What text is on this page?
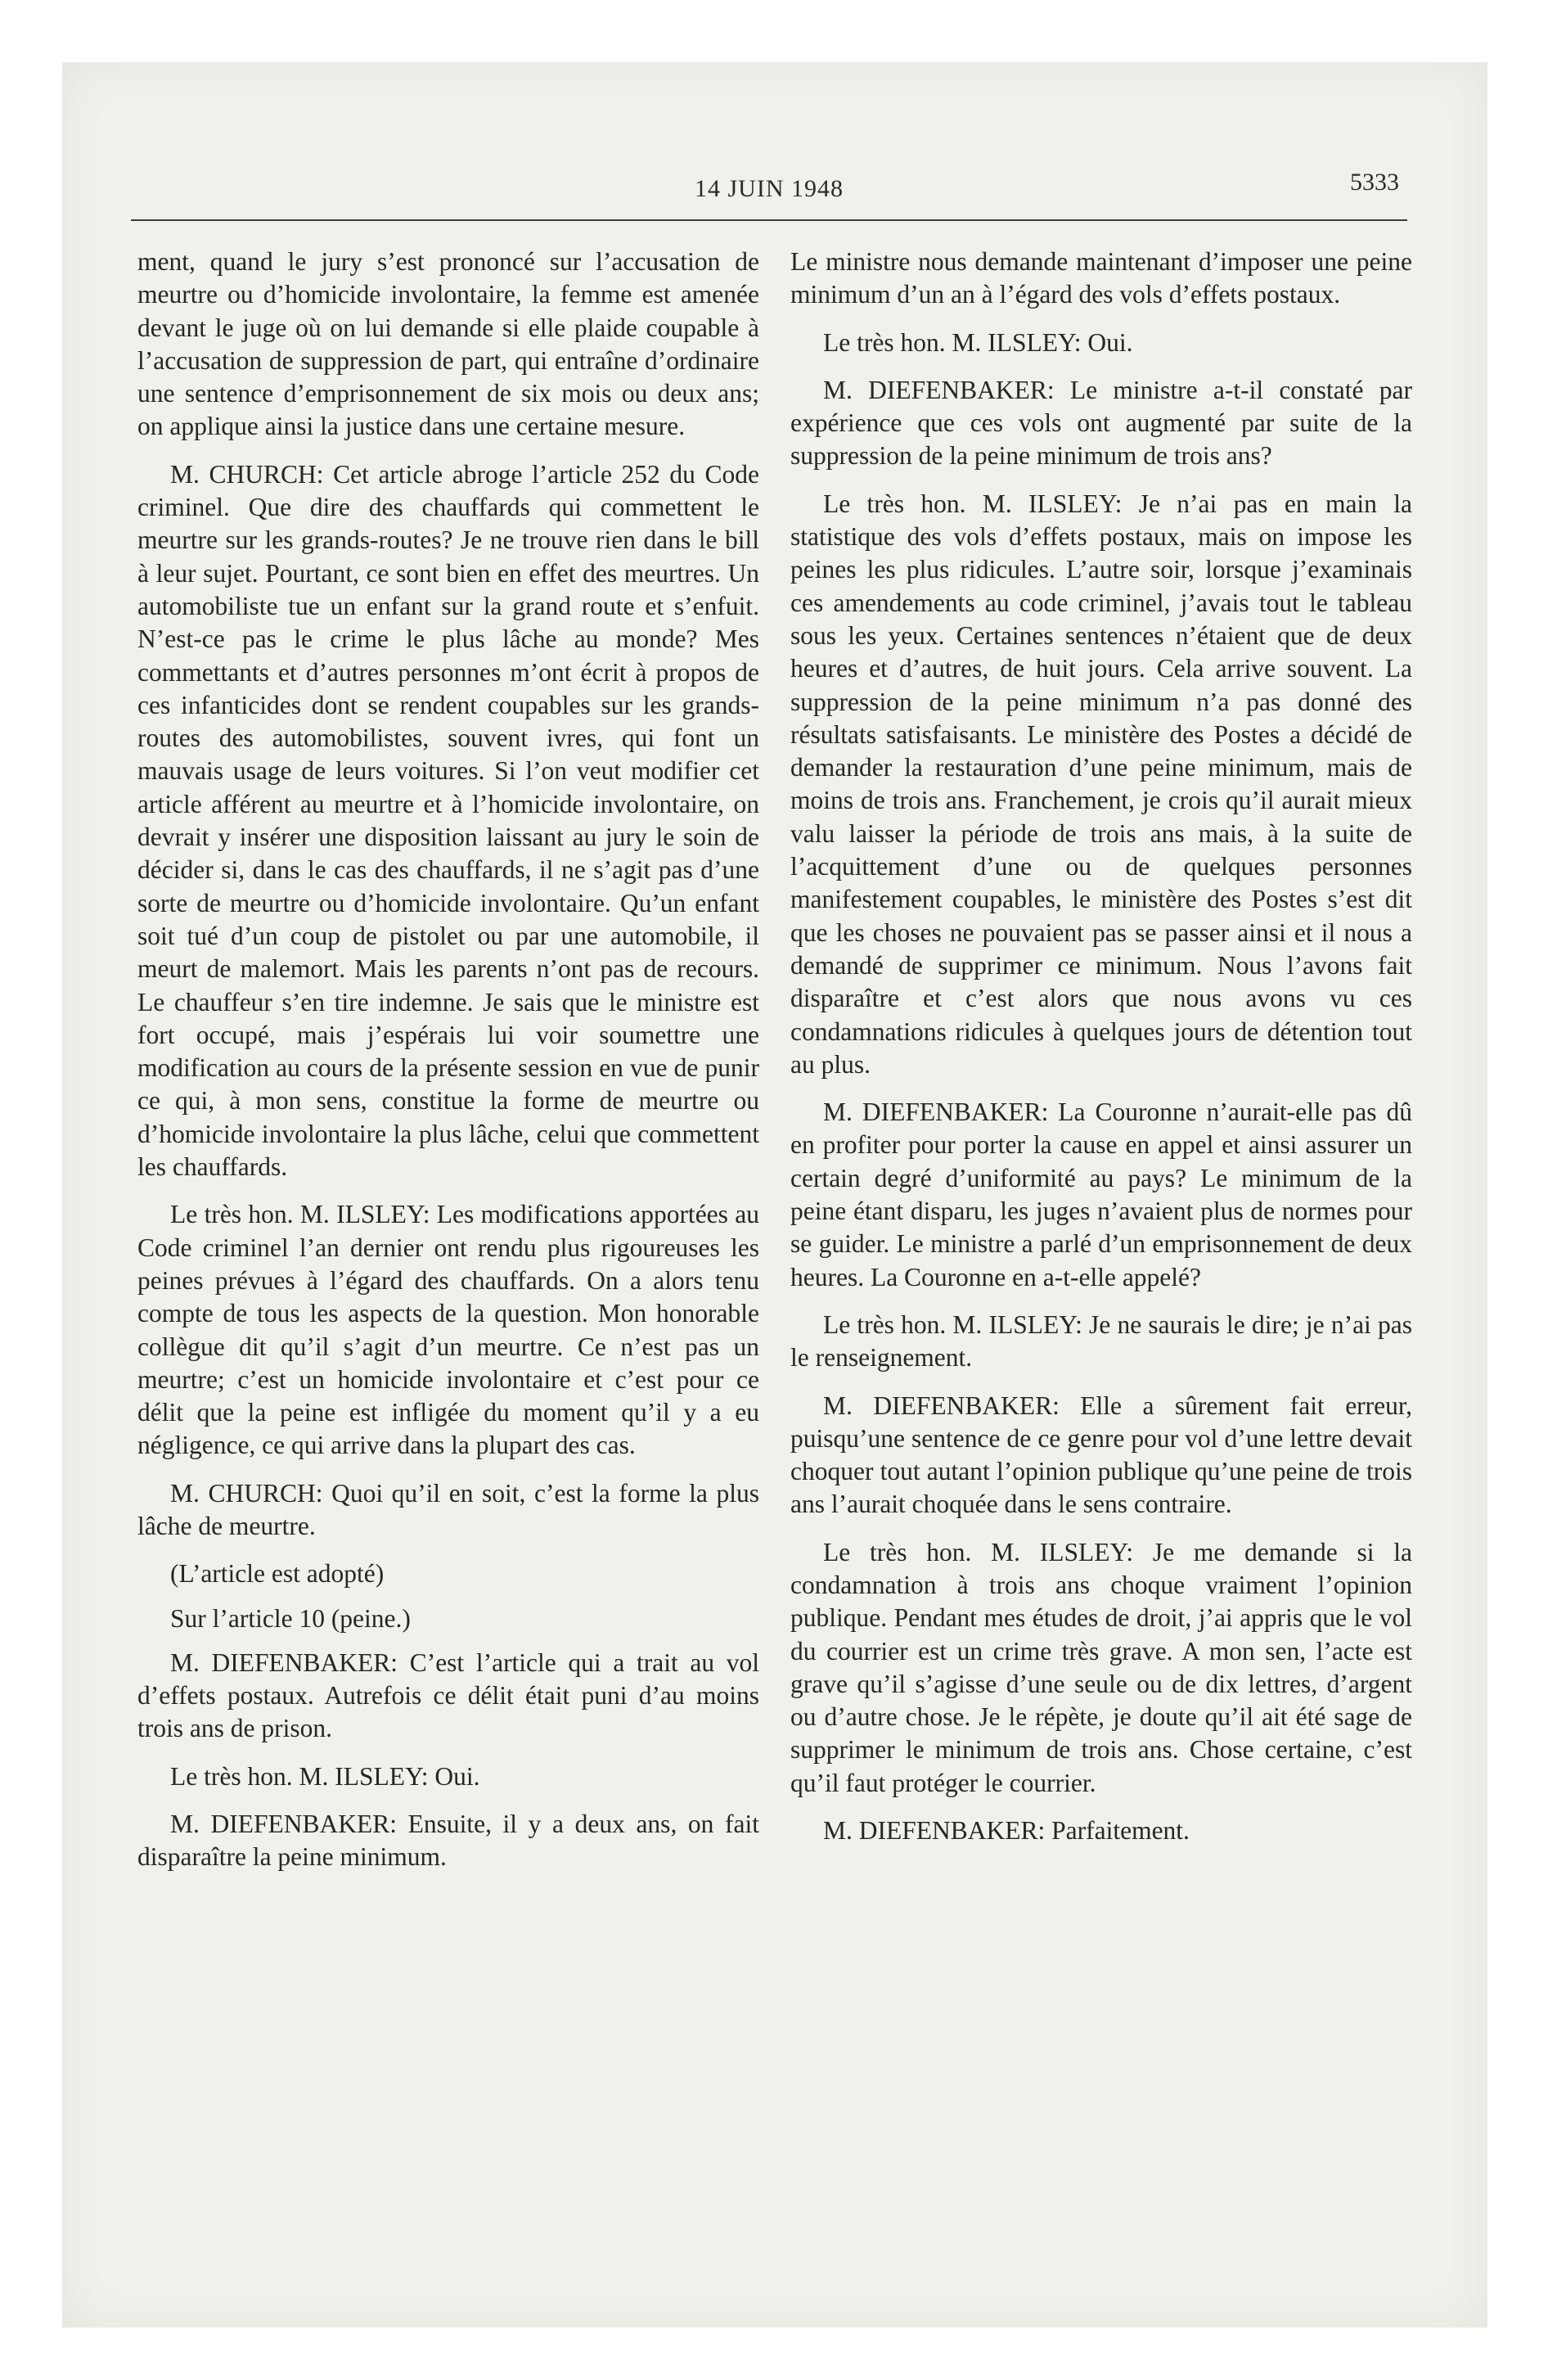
14 JUIN 1948	5333

ment, quand le jury s’est prononcé sur l’accusation de meurtre ou d’homicide involontaire, la femme est amenée devant le juge où on lui demande si elle plaide coupable à l’accusation de suppression de part, qui entraîne d’ordinaire une sentence d’emprisonnement de six mois ou deux ans; on applique ainsi la justice dans une certaine mesure.

M. CHURCH: Cet article abroge l’article 252 du Code criminel. Que dire des chauffards qui commettent le meurtre sur les grands-routes? Je ne trouve rien dans le bill à leur sujet. Pourtant, ce sont bien en effet des meurtres. Un automobiliste tue un enfant sur la grand route et s’enfuit. N’est-ce pas le crime le plus lâche au monde? Mes commettants et d’autres personnes m’ont écrit à propos de ces infanticides dont se rendent coupables sur les grands-routes des automobilistes, souvent ivres, qui font un mauvais usage de leurs voitures. Si l’on veut modifier cet article afférent au meurtre et à l’homicide involontaire, on devrait y insérer une disposition laissant au jury le soin de décider si, dans le cas des chauffards, il ne s’agit pas d’une sorte de meurtre ou d’homicide involontaire. Qu’un enfant soit tué d’un coup de pistolet ou par une automobile, il meurt de malemort. Mais les parents n’ont pas de recours. Le chauffeur s’en tire indemne. Je sais que le ministre est fort occupé, mais j’espérais lui voir soumettre une modification au cours de la présente session en vue de punir ce qui, à mon sens, constitue la forme de meurtre ou d’homicide involontaire la plus lâche, celui que commettent les chauffards.

Le très hon. M. ILSLEY: Les modifications apportées au Code criminel l’an dernier ont rendu plus rigoureuses les peines prévues à l’égard des chauffards. On a alors tenu compte de tous les aspects de la question. Mon honorable collègue dit qu’il s’agit d’un meurtre. Ce n’est pas un meurtre; c’est un homicide involontaire et c’est pour ce délit que la peine est infligée du moment qu’il y a eu négligence, ce qui arrive dans la plupart des cas.

M. CHURCH: Quoi qu’il en soit, c’est la forme la plus lâche de meurtre.

(L’article est adopté)

Sur l’article 10 (peine.)

M. DIEFENBAKER: C’est l’article qui a trait au vol d’effets postaux. Autrefois ce délit était puni d’au moins trois ans de prison.

Le très hon. M. ILSLEY: Oui.

M. DIEFENBAKER: Ensuite, il y a deux ans, on fait disparaître la peine minimum.

Le ministre nous demande maintenant d’imposer une peine minimum d’un an à l’égard des vols d’effets postaux.

Le très hon. M. ILSLEY: Oui.

M. DIEFENBAKER: Le ministre a-t-il constaté par expérience que ces vols ont augmenté par suite de la suppression de la peine minimum de trois ans?

Le très hon. M. ILSLEY: Je n’ai pas en main la statistique des vols d’effets postaux, mais on impose les peines les plus ridicules. L’autre soir, lorsque j’examinais ces amendements au code criminel, j’avais tout le tableau sous les yeux. Certaines sentences n’étaient que de deux heures et d’autres, de huit jours. Cela arrive souvent. La suppression de la peine minimum n’a pas donné des résultats satisfaisants. Le ministère des Postes a décidé de demander la restauration d’une peine minimum, mais de moins de trois ans. Franchement, je crois qu’il aurait mieux valu laisser la période de trois ans mais, à la suite de l’acquittement d’une ou de quelques personnes manifestement coupables, le ministère des Postes s’est dit que les choses ne pouvaient pas se passer ainsi et il nous a demandé de supprimer ce minimum. Nous l’avons fait disparaître et c’est alors que nous avons vu ces condamnations ridicules à quelques jours de détention tout au plus.

M. DIEFENBAKER: La Couronne n’aurait-elle pas dû en profiter pour porter la cause en appel et ainsi assurer un certain degré d’uniformité au pays? Le minimum de la peine étant disparu, les juges n’avaient plus de normes pour se guider. Le ministre a parlé d’un emprisonnement de deux heures. La Couronne en a-t-elle appelé?

Le très hon. M. ILSLEY: Je ne saurais le dire; je n’ai pas le renseignement.

M. DIEFENBAKER: Elle a sûrement fait erreur, puisqu’une sentence de ce genre pour vol d’une lettre devait choquer tout autant l’opinion publique qu’une peine de trois ans l’aurait choquée dans le sens contraire.

Le très hon. M. ILSLEY: Je me demande si la condamnation à trois ans choque vraiment l’opinion publique. Pendant mes études de droit, j’ai appris que le vol du courrier est un crime très grave. A mon sen, l’acte est grave qu’il s’agisse d’une seule ou de dix lettres, d’argent ou d’autre chose. Je le répète, je doute qu’il ait été sage de supprimer le minimum de trois ans. Chose certaine, c’est qu’il faut protéger le courrier.

M. DIEFENBAKER: Parfaitement.
